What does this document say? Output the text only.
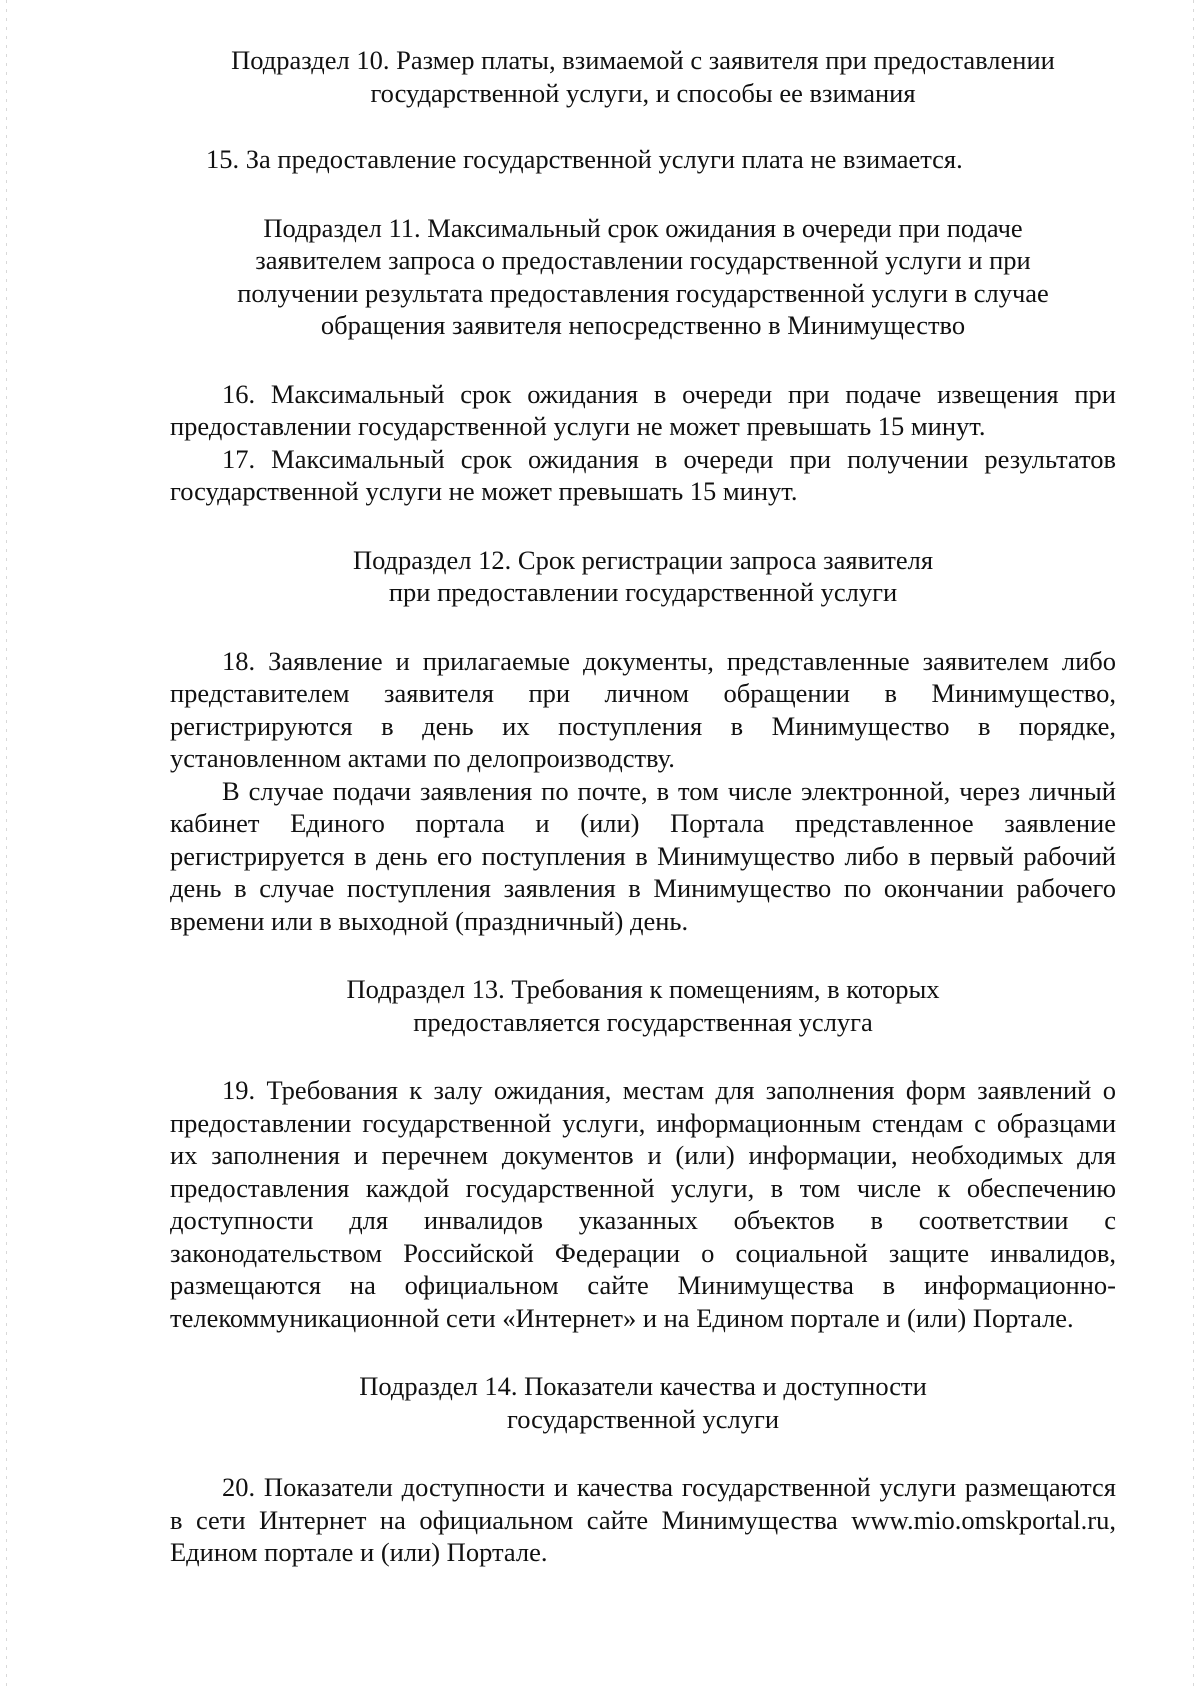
Подраздел 10. Размер платы, взимаемой с заявителя при предоставлении
государственной услуги, и способы ее взимания

15. За предоставление государственной услуги плата не взимается.

Подраздел 11. Максимальный срок ожидания в очереди при подаче
заявителем запроса о предоставлении государственной услуги и при
получении результата предоставления государственной услуги в случае
обращения заявителя непосредственно в Минимущество

16. Максимальный срок ожидания в очереди при подаче извещения при предоставлении государственной услуги не может превышать 15 минут.

17. Максимальный срок ожидания в очереди при получении результатов государственной услуги не может превышать 15 минут.

Подраздел 12. Срок регистрации запроса заявителя
при предоставлении государственной услуги

18. Заявление и прилагаемые документы, представленные заявителем либо представителем заявителя при личном обращении в Минимущество, регистрируются в день их поступления в Минимущество в порядке, установленном актами по делопроизводству.

В случае подачи заявления по почте, в том числе электронной, через личный кабинет Единого портала и (или) Портала представленное заявление регистрируется в день его поступления в Минимущество либо в первый рабочий день в случае поступления заявления в Минимущество по окончании рабочего времени или в выходной (праздничный) день.

Подраздел 13. Требования к помещениям, в которых
предоставляется государственная услуга

19. Требования к залу ожидания, местам для заполнения форм заявлений о предоставлении государственной услуги, информационным стендам с образцами их заполнения и перечнем документов и (или) информации, необходимых для предоставления каждой государственной услуги, в том числе к обеспечению доступности для инвалидов указанных объектов в соответствии с законодательством Российской Федерации о социальной защите инвалидов, размещаются на официальном сайте Минимущества в информационно-телекоммуникационной сети «Интернет» и на Едином портале и (или) Портале.

Подраздел 14. Показатели качества и доступности
государственной услуги

20. Показатели доступности и качества государственной услуги размещаются в сети Интернет на официальном сайте Минимущества www.mio.omskportal.ru, Едином портале и (или) Портале.
